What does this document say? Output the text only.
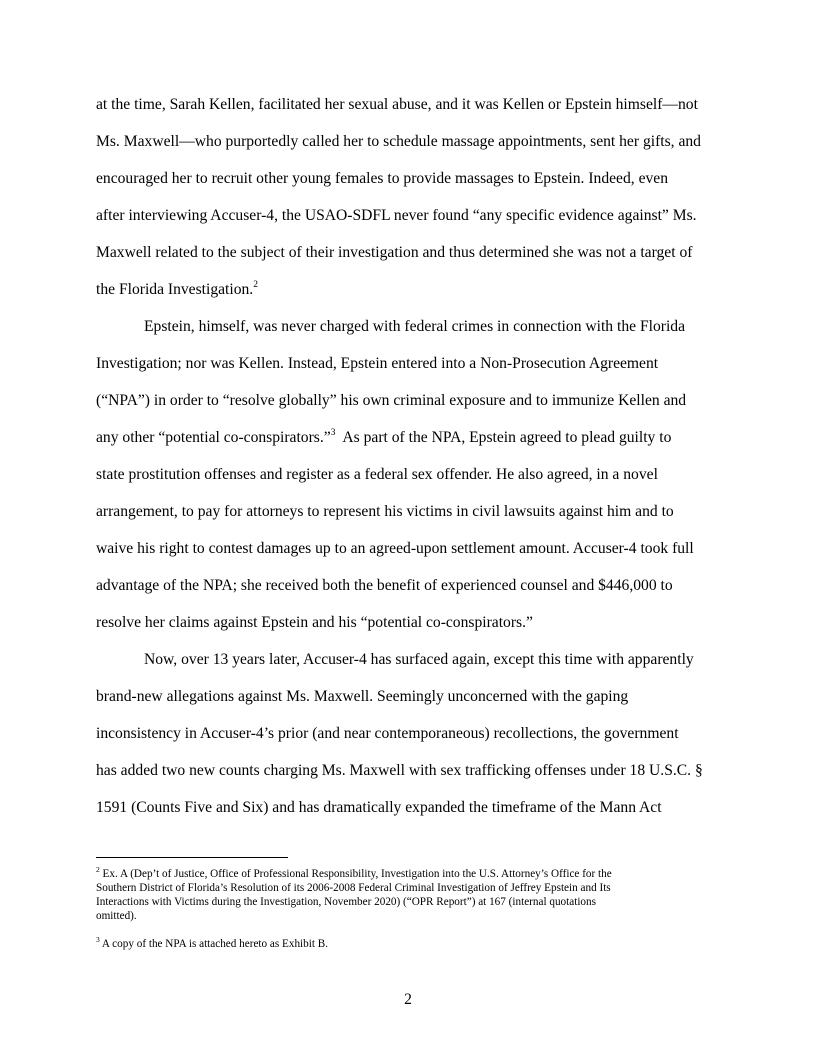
at the time, Sarah Kellen, facilitated her sexual abuse, and it was Kellen or Epstein himself—not
Ms. Maxwell—who purportedly called her to schedule massage appointments, sent her gifts, and
encouraged her to recruit other young females to provide massages to Epstein. Indeed, even
after interviewing Accuser-4, the USAO-SDFL never found “any specific evidence against” Ms.
Maxwell related to the subject of their investigation and thus determined she was not a target of
the Florida Investigation.$^2$
Epstein, himself, was never charged with federal crimes in connection with the Florida
Investigation; nor was Kellen. Instead, Epstein entered into a Non-Prosecution Agreement
(“NPA”) in order to “resolve globally” his own criminal exposure and to immunize Kellen and
any other “potential co-conspirators.”$^3$  As part of the NPA, Epstein agreed to plead guilty to
state prostitution offenses and register as a federal sex offender. He also agreed, in a novel
arrangement, to pay for attorneys to represent his victims in civil lawsuits against him and to
waive his right to contest damages up to an agreed-upon settlement amount. Accuser-4 took full
advantage of the NPA; she received both the benefit of experienced counsel and $446,000 to
resolve her claims against Epstein and his “potential co-conspirators.”
Now, over 13 years later, Accuser-4 has surfaced again, except this time with apparently
brand-new allegations against Ms. Maxwell. Seemingly unconcerned with the gaping
inconsistency in Accuser-4’s prior (and near contemporaneous) recollections, the government
has added two new counts charging Ms. Maxwell with sex trafficking offenses under 18 U.S.C. §
1591 (Counts Five and Six) and has dramatically expanded the timeframe of the Mann Act
$^2$ Ex. A (Dep’t of Justice, Office of Professional Responsibility, Investigation into the U.S. Attorney’s Office for the
Southern District of Florida’s Resolution of its 2006-2008 Federal Criminal Investigation of Jeffrey Epstein and Its
Interactions with Victims during the Investigation, November 2020) (“OPR Report”) at 167 (internal quotations
omitted).
$^3$ A copy of the NPA is attached hereto as Exhibit B.
2
